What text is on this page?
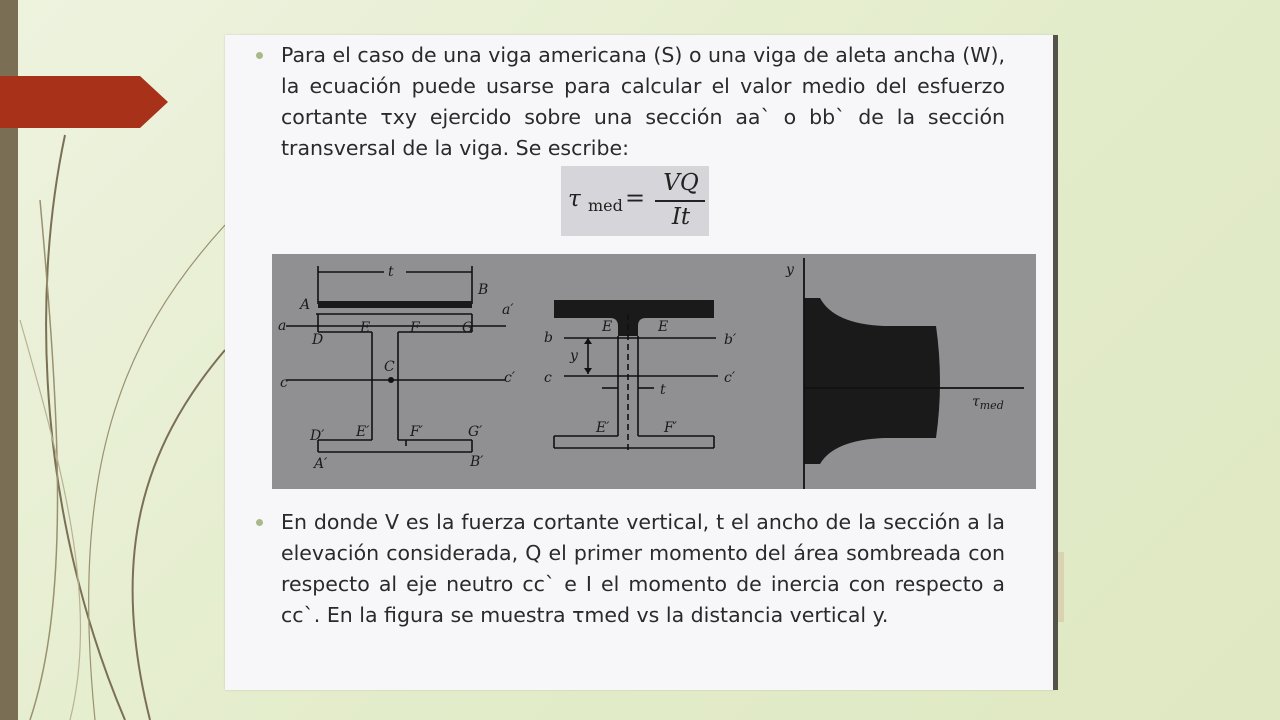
Para el caso de una viga americana (S) o una viga de aleta ancha (W), la ecuación puede usarse para calcular el valor medio del esfuerzo cortante τxy ejercido sobre una sección aa` o bb` de la sección transversal de la viga. Se escribe:

τ med =
VQ
It
t
A
B
a
a′
D
E	F	G
C
c	c′
D′ E′	F′	G′
A′	B′
E	E
b	b′
y
c	c′
t
E′	F′
y
$\tau_{med}$

En donde V es la fuerza cortante vertical, t el ancho de la sección a la elevación considerada, Q el primer momento del área sombreada con respecto al eje neutro cc` e I el momento de inercia con respecto a cc`. En la figura se muestra τmed vs la distancia vertical y.
